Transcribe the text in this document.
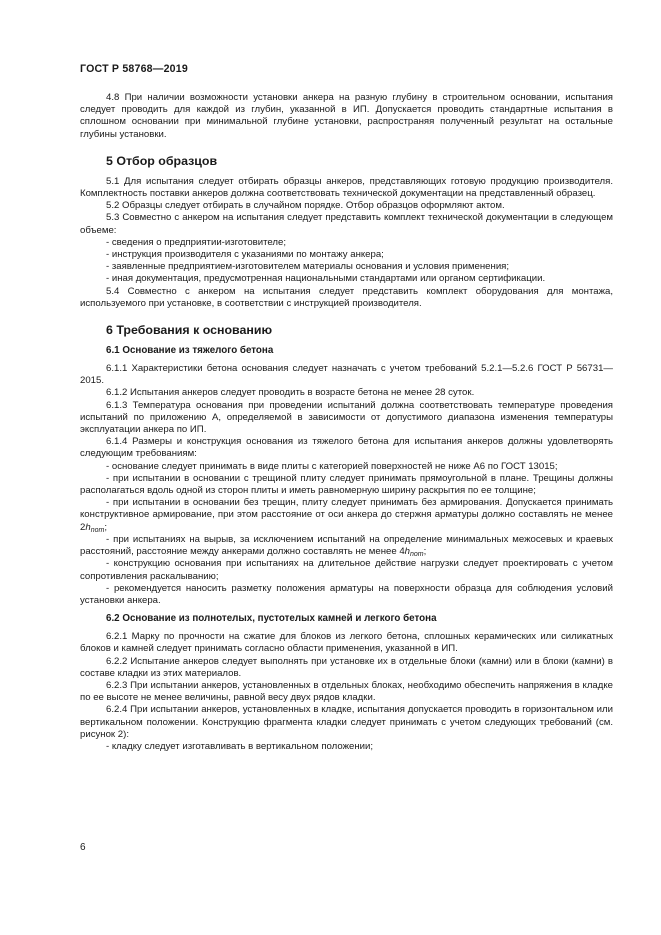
ГОСТ Р 58768—2019

4.8 При наличии возможности установки анкера на разную глубину в строительном основании, испытания следует проводить для каждой из глубин, указанной в ИП. Допускается проводить стандартные испытания в сплошном основании при минимальной глубине установки, распространяя полученный результат на остальные глубины установки.

5 Отбор образцов

5.1 Для испытания следует отбирать образцы анкеров, представляющих готовую продукцию производителя. Комплектность поставки анкеров должна соответствовать технической документации на представленный образец.

5.2 Образцы следует отбирать в случайном порядке. Отбор образцов оформляют актом.

5.3 Совместно с анкером на испытания следует представить комплект технической документации в следующем объеме:

- сведения о предприятии-изготовителе;

- инструкция производителя с указаниями по монтажу анкера;

- заявленные предприятием-изготовителем материалы основания и условия применения;

- иная документация, предусмотренная национальными стандартами или органом сертификации.

5.4 Совместно с анкером на испытания следует представить комплект оборудования для монтажа, используемого при установке, в соответствии с инструкцией производителя.

6 Требования к основанию
6.1 Основание из тяжелого бетона

6.1.1 Характеристики бетона основания следует назначать с учетом требований 5.2.1—5.2.6 ГОСТ Р 56731—2015.

6.1.2 Испытания анкеров следует проводить в возрасте бетона не менее 28 суток.

6.1.3 Температура основания при проведении испытаний должна соответствовать температуре проведения испытаний по приложению А, определяемой в зависимости от допустимого диапазона изменения температуры эксплуатации анкера по ИП.

6.1.4 Размеры и конструкция основания из тяжелого бетона для испытания анкеров должны удовлетворять следующим требованиям:

- основание следует принимать в виде плиты с категорией поверхностей не ниже А6 по ГОСТ 13015;

- при испытании в основании с трещиной плиту следует принимать прямоугольной в плане. Трещины должны располагаться вдоль одной из сторон плиты и иметь равномерную ширину раскрытия по ее толщине;

- при испытании в основании без трещин, плиту следует принимать без армирования. Допускается принимать конструктивное армирование, при этом расстояние от оси анкера до стержня арматуры должно составлять не менее $2h_{nom}$;

- при испытаниях на вырыв, за исключением испытаний на определение минимальных межосевых и краевых расстояний, расстояние между анкерами должно составлять не менее $4h_{nom}$;

- конструкцию основания при испытаниях на длительное действие нагрузки следует проектировать с учетом сопротивления раскалыванию;

- рекомендуется наносить разметку положения арматуры на поверхности образца для соблюдения условий установки анкера.

6.2 Основание из полнотелых, пустотелых камней и легкого бетона

6.2.1 Марку по прочности на сжатие для блоков из легкого бетона, сплошных керамических или силикатных блоков и камней следует принимать согласно области применения, указанной в ИП.

6.2.2 Испытание анкеров следует выполнять при установке их в отдельные блоки (камни) или в блоки (камни) в составе кладки из этих материалов.

6.2.3 При испытании анкеров, установленных в отдельных блоках, необходимо обеспечить напряжения в кладке по ее высоте не менее величины, равной весу двух рядов кладки.

6.2.4 При испытании анкеров, установленных в кладке, испытания допускается проводить в горизонтальном или вертикальном положении. Конструкцию фрагмента кладки следует принимать с учетом следующих требований (см. рисунок 2):

- кладку следует изготавливать в вертикальном положении;

6
